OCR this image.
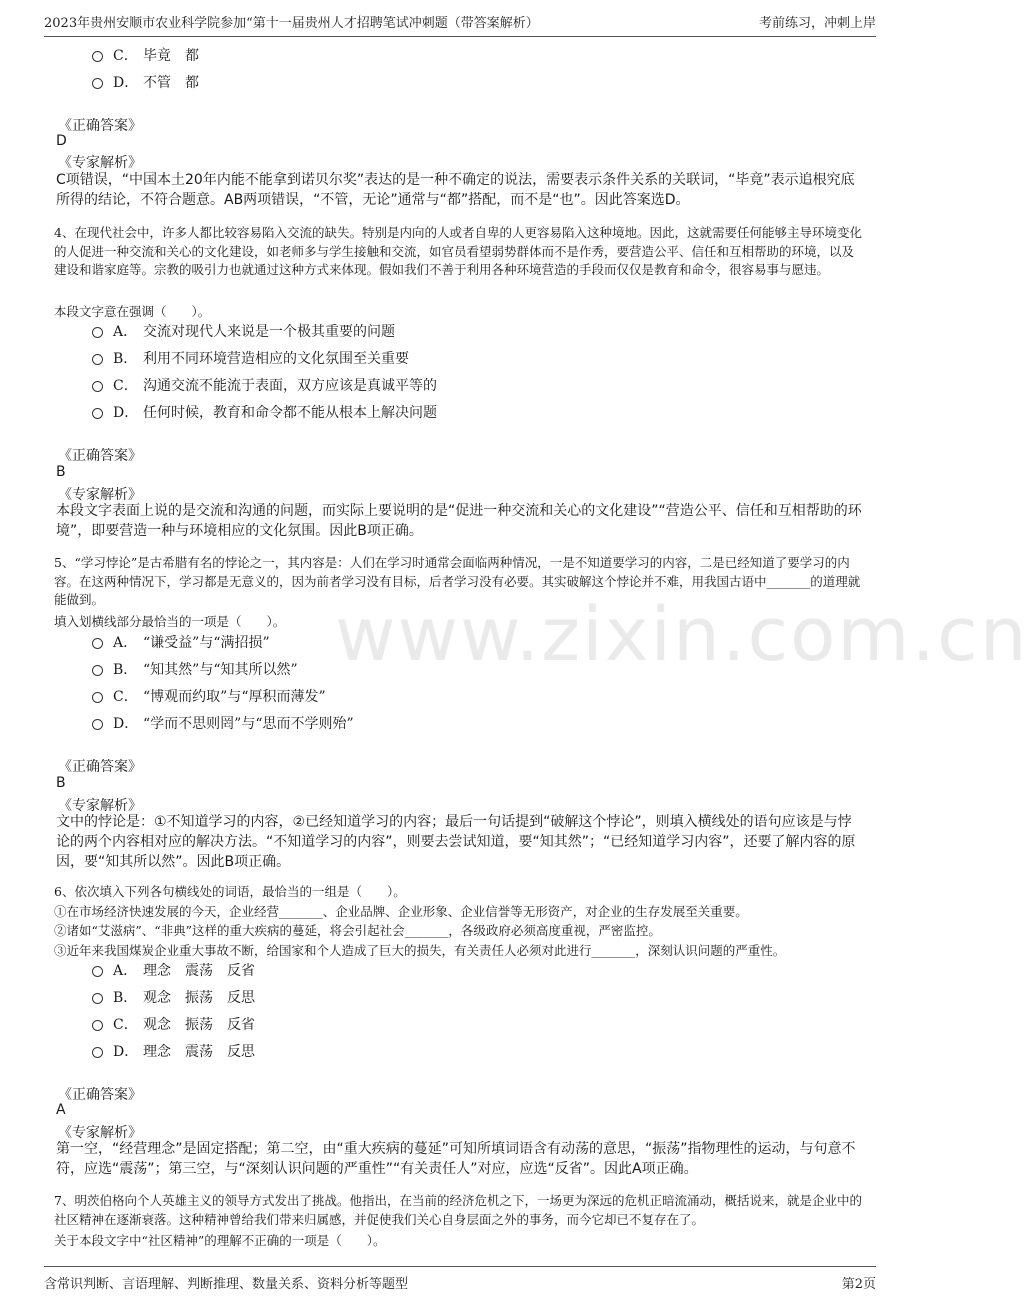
2023年贵州安顺市农业科学院参加“第十一届贵州人才招聘笔试冲刺题（带答案解析）	考前练习，冲刺上岸
www.zixin.com.cn
C． 毕竟　都
D． 不管　都
《正确答案》
D
《专家解析》
C项错误，“中国本土20年内能不能拿到诺贝尔奖”表达的是一种不确定的说法，需要表示条件关系的关联词，“毕竟”表示追根究底所得的结论，不符合题意。AB两项错误，“不管，无论”通常与“都”搭配，而不是“也”。因此答案选D。
4、在现代社会中，许多人都比较容易陷入交流的缺失。特别是内向的人或者自卑的人更容易陷入这种境地。因此，这就需要任何能够主导环境变化的人促进一种交流和关心的文化建设，如老师多与学生接触和交流，如官员看望弱势群体而不是作秀，要营造公平、信任和互相帮助的环境，以及建设和谐家庭等。宗教的吸引力也就通过这种方式来体现。假如我们不善于利用各种环境营造的手段而仅仅是教育和命令，很容易事与愿违。
本段文字意在强调（　　）。
A． 交流对现代人来说是一个极其重要的问题
B． 利用不同环境营造相应的文化氛围至关重要
C． 沟通交流不能流于表面，双方应该是真诚平等的
D． 任何时候，教育和命令都不能从根本上解决问题
《正确答案》
B
《专家解析》
本段文字表面上说的是交流和沟通的问题，而实际上要说明的是“促进一种交流和关心的文化建设”“营造公平、信任和互相帮助的环境”，即要营造一种与环境相应的文化氛围。因此B项正确。
5、“学习悖论”是古希腊有名的悖论之一，其内容是：人们在学习时通常会面临两种情况，一是不知道要学习的内容，二是已经知道了要学习的内容。在这两种情况下，学习都是无意义的，因为前者学习没有目标，后者学习没有必要。其实破解这个悖论并不难，用我国古语中_______的道理就能做到。
填入划横线部分最恰当的一项是（　　）。
A． “谦受益”与“满招损”
B． “知其然”与“知其所以然”
C． “博观而约取”与“厚积而薄发”
D． “学而不思则罔”与“思而不学则殆”
《正确答案》
B
《专家解析》
文中的悖论是：①不知道学习的内容，②已经知道学习的内容；最后一句话提到“破解这个悖论”，则填入横线处的语句应该是与悖论的两个内容相对应的解决方法。“不知道学习的内容”，则要去尝试知道，要“知其然”；“已经知道学习内容”，还要了解内容的原因，要“知其所以然”。因此B项正确。
6、依次填入下列各句横线处的词语，最恰当的一组是（　　）。
①在市场经济快速发展的今天，企业经营_______、企业品牌、企业形象、企业信誉等无形资产，对企业的生存发展至关重要。
②诸如“艾滋病”、“非典”这样的重大疾病的蔓延，将会引起社会_______，各级政府必须高度重视，严密监控。
③近年来我国煤炭企业重大事故不断，给国家和个人造成了巨大的损失，有关责任人必须对此进行_______，深刻认识问题的严重性。
A． 理念　震荡　反省
B． 观念　振荡　反思
C． 观念　振荡　反省
D． 理念　震荡　反思
《正确答案》
A
《专家解析》
第一空，“经营理念”是固定搭配；第二空，由“重大疾病的蔓延”可知所填词语含有动荡的意思，“振荡”指物理性的运动，与句意不符，应选“震荡”；第三空，与“深刻认识问题的严重性”“有关责任人”对应，应选“反省”。因此A项正确。
7、明茨伯格向个人英雄主义的领导方式发出了挑战。他指出，在当前的经济危机之下，一场更为深远的危机正暗流涌动，概括说来，就是企业中的社区精神在逐渐衰落。这种精神曾给我们带来归属感，并促使我们关心自身层面之外的事务，而今它却已不复存在了。
关于本段文字中“社区精神”的理解不正确的一项是（　　）。
含常识判断、言语理解、判断推理、数量关系、资料分析等题型	第2页
